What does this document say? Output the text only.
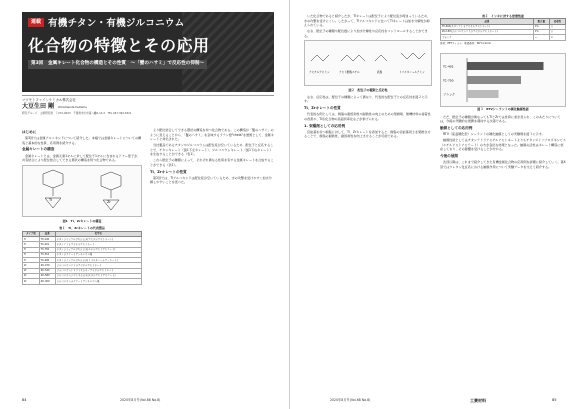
連載 有機チタン・有機ジルコニウム
化合物の特徴とその応用
第3回　金属キレート化合物の構造とその性質　～「蟹のハサミ」で反応性の抑制～
マツモトファインケミカル株式会社
大豆生田 剛 Omameuda tsutomu
研究グループ　主幹研究員　〒272-0023　千葉県市川市南八幡5-13-2　TEL 047-393-6321
はじめに

第3回では金属アルコキシドについて紹介した。本稿では金属キレートについての構造と基本的な性質、応用例を紹介する。

金属キレートの構造

金属キレートとは、金属元素1モルに対して配位子1モルに含まれるドナー原子が、共有結合により配位結合してできる環状の構造を特つ化合物である。

Ti	Zr
図1　Ti、Zrキレートの構造
表１　Ti、Zrキレートの代表製品
タイプ別	品番	化学名
Ti	TC-100	チタンジイソプロポキシビス(アセチルアセトネート)
Ti	TC-401	チタンテトラアセチルアセトネート
Ti	TC-750	チタンジイソプロポキシビス(エチルアセトアセテート)
Ti	TC-310	チタンラクテートアンモニウム塩
Ti	TC-400	チタンジイソプロポキシビス(トリエタノールアミネート)
Zr	ZC-150	ジルコニウムテトラアセチルアセトネート
Zr	ZC-540	ジルコニウムトリブトキシモノアセチルアセトネート
Zr	ZC-580	ジルコニウムジブトキシビス(エチルアセトアセテート)
Zr	ZC-300	ジルコニウムラクテートアンモニウム塩

より配位結合してできる環状の構造を持つ化合物である。この構造が「蟹のハサミ」のように見えることから、「蟹のハサミ」を意味するラテン語"chela"を語源として、金属キレートと命名された。

当社製品であるチタンやジルコニウムは配位座が空いているため、配位子と反応することで、チタンキレート（図1下左キレート）、ジルコニウムキレート（図1下右キレート）を生成することができる（表1）。

これら配位子の種類によって、それぞれ異なる性質を有する金属キレートを合成することができる（表1）。

Ti、Zrキレートの性質

第2回では、Tiアルコキシドは配位座が空いているため、水の攻撃を受けやすく加水分解しやすいことを述べた。

84	2020年8月号(Vol.68 No.8)

いた化合物であると紹介したが、Tiキレートは配位子により配位座が埋まっているため、水の攻撃を受けにくい。したがって、Tiアルコキシドに比べてTiキレートは加水分解性が抑えられている。

なお、配位子の種類や配位数により加水分解性や反応性をコントロールすることができる。

アセチルアセトン	アセト酢酸エチル	乳酸	トリエタノールアミン
図２　配位子の種類と反応性

なお、反応性は、配位子の種類によって異なり、代表的な配位子との反応性を図２に示す。

Ti、Zrキレートの性質

代表的な例としては、樹脂の耐溶剤性や耐熱性の向上のための架橋剤、無機材料の接着性の改善や、Ti系化合物の高屈折率化などが挙げられる。

1. 架橋剤としての応用例

官能基を持つ樹脂に対して、Ti、Zrキレートを添加すると、樹脂の官能基同士を架橋させることで、樹脂の耐熱性、耐溶剤性を向上させることが可能である。

表２　インキに対する密着性能
品番	配合量	密着性
TC-401(チタンテトラアセチルアセトネート)	1%	○
ZC-150(ジルコニウムテトラアセチルアセトネート)	1%	○
ブランク	—	×
基材：PETフィルム　乾燥条件：80℃×1min
TC-401
TC-750
ブランク
図３　RTVシーラントの硬化触媒性能

ただ、配位子の種類が異なってもTiとZrでは性質に差が見られ、このあたりについては、今後の実験的な展開を期待する次第である。

触媒としての応用例

RTV（室温硬化型）シーラントの硬化触媒としての実験例を図３に示す。

触媒性能としてはチタンテトラアセチルアセトネートよりもチタンジイソプロポキシビス（エチルアセトアセテート）の方が良好な結果となった。触媒の活性はキレート構造に依存しており、その影響を受けることが分かる。

今後の展開

次回以降は、これまで紹介してきた有機金属化合物の応用例を詳細に紹介していく。第4回ではウレタン化反応における触媒作用について実験データを交えて紹介する。

2020年8月号(Vol.68 No.8)	工業材料	85
